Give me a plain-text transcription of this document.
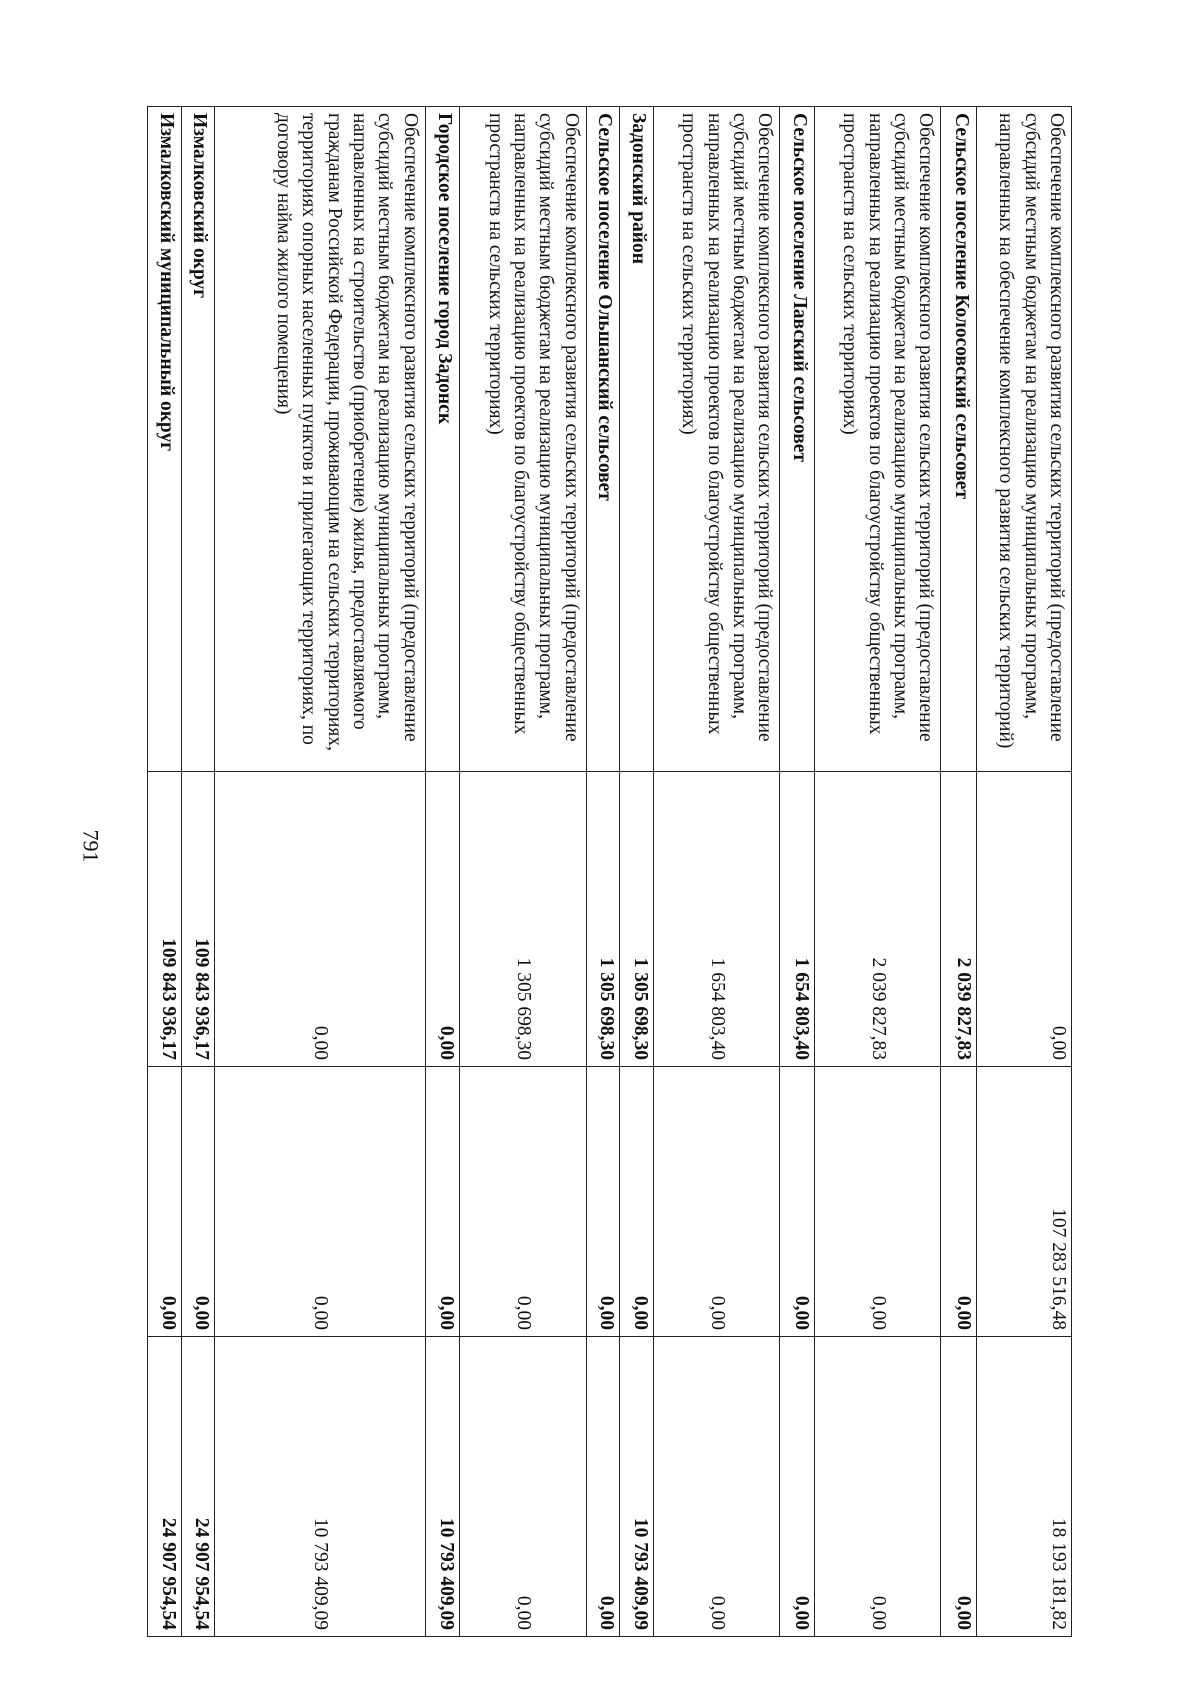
791
Обеспечение комплексного развития сельских территорий (предоставление субсидий местным бюджетам на реализацию муниципальных программ, направленных на обеспечение комплексного развития сельских территорий)	0,00	107 283 516,48	18 193 181,82
Сельское поселение Колосовский сельсовет	2 039 827,83	0,00	0,00
Обеспечение комплексного развития сельских территорий (предоставление субсидий местным бюджетам на реализацию муниципальных программ, направленных на реализацию проектов по благоустройству общественных пространств на сельских территориях)	2 039 827,83	0,00	0,00
Сельское поселение Лавский сельсовет	1 654 803,40	0,00	0,00
Обеспечение комплексного развития сельских территорий (предоставление субсидий местным бюджетам на реализацию муниципальных программ, направленных на реализацию проектов по благоустройству общественных пространств на сельских территориях)	1 654 803,40	0,00	0,00
Задонский район	1 305 698,30	0,00	10 793 409,09
Сельское поселение Ольшанский сельсовет	1 305 698,30	0,00	0,00
Обеспечение комплексного развития сельских территорий (предоставление субсидий местным бюджетам на реализацию муниципальных программ, направленных на реализацию проектов по благоустройству общественных пространств на сельских территориях)	1 305 698,30	0,00	0,00
Городское поселение город Задонск	0,00	0,00	10 793 409,09
Обеспечение комплексного развития сельских территорий (предоставление субсидий местным бюджетам на реализацию муниципальных программ, направленных на строительство (приобретение) жилья, предоставляемого гражданам Российской Федерации, проживающим на сельских территориях, территориях опорных населенных пунктов и прилегающих территориях, по договору найма жилого помещения)	0,00	0,00	10 793 409,09
Измалковский округ	109 843 936,17	0,00	24 907 954,54
Измалковский муниципальный округ	109 843 936,17	0,00	24 907 954,54
